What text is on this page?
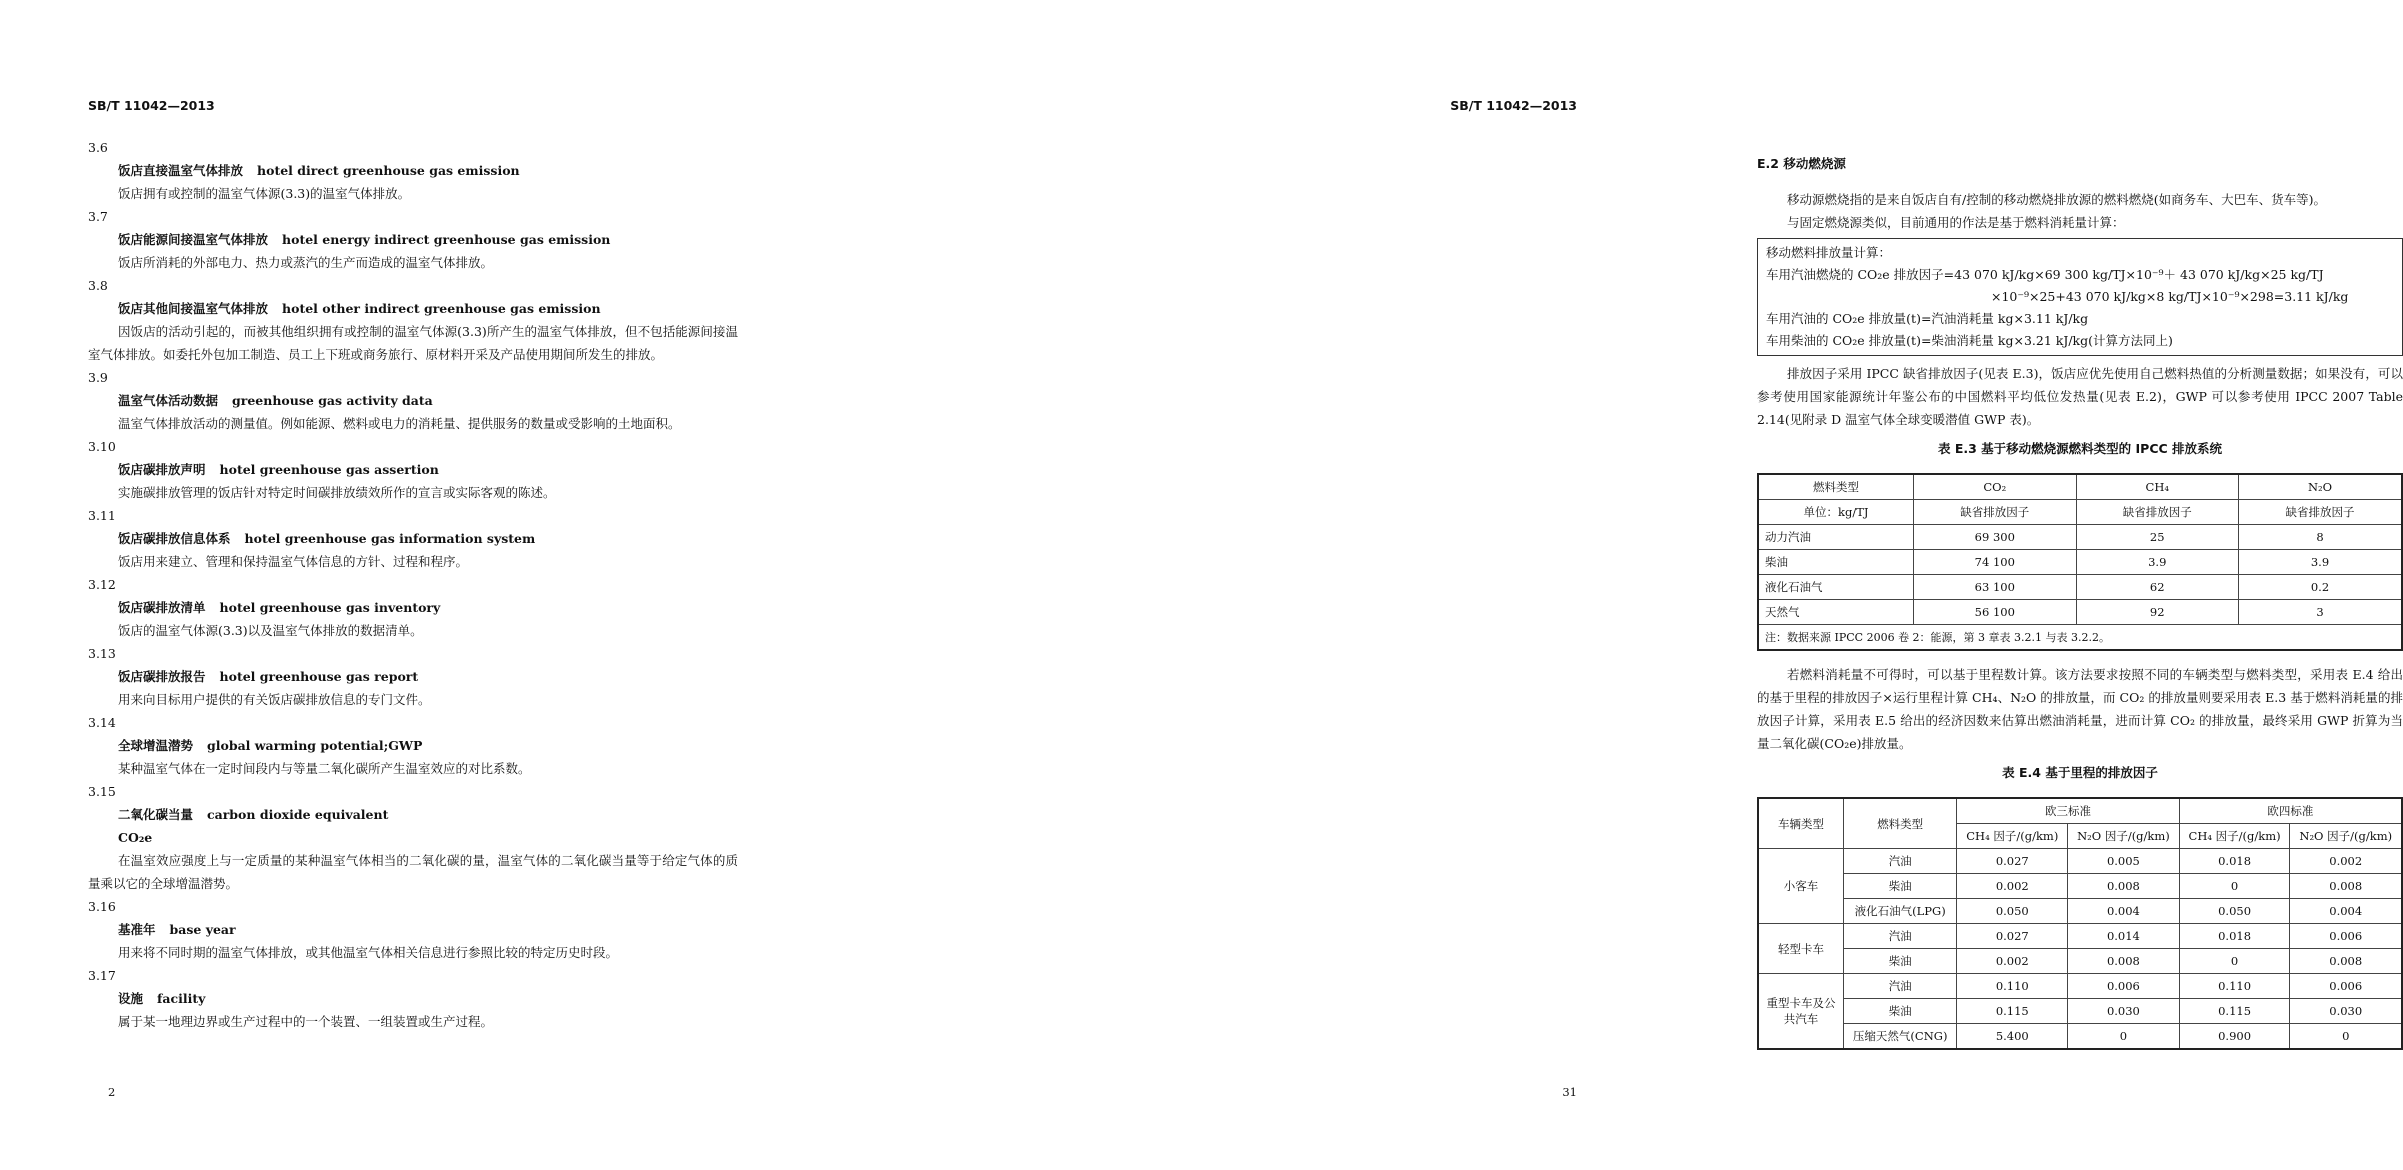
SB/T 11042—2013
3.6
饭店直接温室气体排放 hotel direct greenhouse gas emission
饭店拥有或控制的温室气体源(3.3)的温室气体排放。
3.7
饭店能源间接温室气体排放 hotel energy indirect greenhouse gas emission
饭店所消耗的外部电力、热力或蒸汽的生产而造成的温室气体排放。
3.8
饭店其他间接温室气体排放 hotel other indirect greenhouse gas emission
因饭店的活动引起的，而被其他组织拥有或控制的温室气体源(3.3)所产生的温室气体排放，但不包括能源间接温室气体排放。如委托外包加工制造、员工上下班或商务旅行、原材料开采及产品使用期间所发生的排放。
3.9
温室气体活动数据 greenhouse gas activity data
温室气体排放活动的测量值。例如能源、燃料或电力的消耗量、提供服务的数量或受影响的土地面积。
3.10
饭店碳排放声明 hotel greenhouse gas assertion
实施碳排放管理的饭店针对特定时间碳排放绩效所作的宣言或实际客观的陈述。
3.11
饭店碳排放信息体系 hotel greenhouse gas information system
饭店用来建立、管理和保持温室气体信息的方针、过程和程序。
3.12
饭店碳排放清单 hotel greenhouse gas inventory
饭店的温室气体源(3.3)以及温室气体排放的数据清单。
3.13
饭店碳排放报告 hotel greenhouse gas report
用来向目标用户提供的有关饭店碳排放信息的专门文件。
3.14
全球增温潜势 global warming potential;GWP
某种温室气体在一定时间段内与等量二氧化碳所产生温室效应的对比系数。
3.15
二氧化碳当量 carbon dioxide equivalent
CO₂e
在温室效应强度上与一定质量的某种温室气体相当的二氧化碳的量，温室气体的二氧化碳当量等于给定气体的质量乘以它的全球增温潜势。
3.16
基准年 base year
用来将不同时期的温室气体排放，或其他温室气体相关信息进行参照比较的特定历史时段。
3.17
设施 facility
属于某一地理边界或生产过程中的一个装置、一组装置或生产过程。
2
SB/T 11042—2013
E.2 移动燃烧源
移动源燃烧指的是来自饭店自有/控制的移动燃烧排放源的燃料燃烧(如商务车、大巴车、货车等)。
与固定燃烧源类似，目前通用的作法是基于燃料消耗量计算：
移动燃料排放量计算：
车用汽油燃烧的 CO₂e 排放因子=43 070 kJ/kg×69 300 kg/TJ×10⁻⁹＋ 43 070 kJ/kg×25 kg/TJ
×10⁻⁹×25+43 070 kJ/kg×8 kg/TJ×10⁻⁹×298=3.11 kJ/kg
车用汽油的 CO₂e 排放量(t)=汽油消耗量 kg×3.11 kJ/kg
车用柴油的 CO₂e 排放量(t)=柴油消耗量 kg×3.21 kJ/kg(计算方法同上)
排放因子采用 IPCC 缺省排放因子(见表 E.3)，饭店应优先使用自己燃料热值的分析测量数据；如果没有，可以参考使用国家能源统计年鉴公布的中国燃料平均低位发热量(见表 E.2)，GWP 可以参考使用 IPCC 2007 Table 2.14(见附录 D 温室气体全球变暖潜值 GWP 表)。
表 E.3 基于移动燃烧源燃料类型的 IPCC 排放系统
燃料类型	CO₂	CH₄	N₂O
单位：kg/TJ	缺省排放因子	缺省排放因子	缺省排放因子
动力汽油	69 300	25	8
柴油	74 100	3.9	3.9
液化石油气	63 100	62	0.2
天然气	56 100	92	3
注：数据来源 IPCC 2006 卷 2：能源，第 3 章表 3.2.1 与表 3.2.2。			
若燃料消耗量不可得时，可以基于里程数计算。该方法要求按照不同的车辆类型与燃料类型，采用表 E.4 给出的基于里程的排放因子×运行里程计算 CH₄、N₂O 的排放量，而 CO₂ 的排放量则要采用表 E.3 基于燃料消耗量的排放因子计算，采用表 E.5 给出的经济因数来估算出燃油消耗量，进而计算 CO₂ 的排放量，最终采用 GWP 折算为当量二氧化碳(CO₂e)排放量。
表 E.4 基于里程的排放因子
车辆类型	燃料类型	欧三标准		欧四标准	
		CH₄ 因子/(g/km)	N₂O 因子/(g/km)	CH₄ 因子/(g/km)	N₂O 因子/(g/km)
小客车	汽油	0.027	0.005	0.018	0.002
	柴油	0.002	0.008	0	0.008
	液化石油气(LPG)	0.050	0.004	0.050	0.004
轻型卡车	汽油	0.027	0.014	0.018	0.006
	柴油	0.002	0.008	0	0.008
重型卡车及公共汽车	汽油	0.110	0.006	0.110	0.006
	柴油	0.115	0.030	0.115	0.030
	压缩天然气(CNG)	5.400	0	0.900	0
31
